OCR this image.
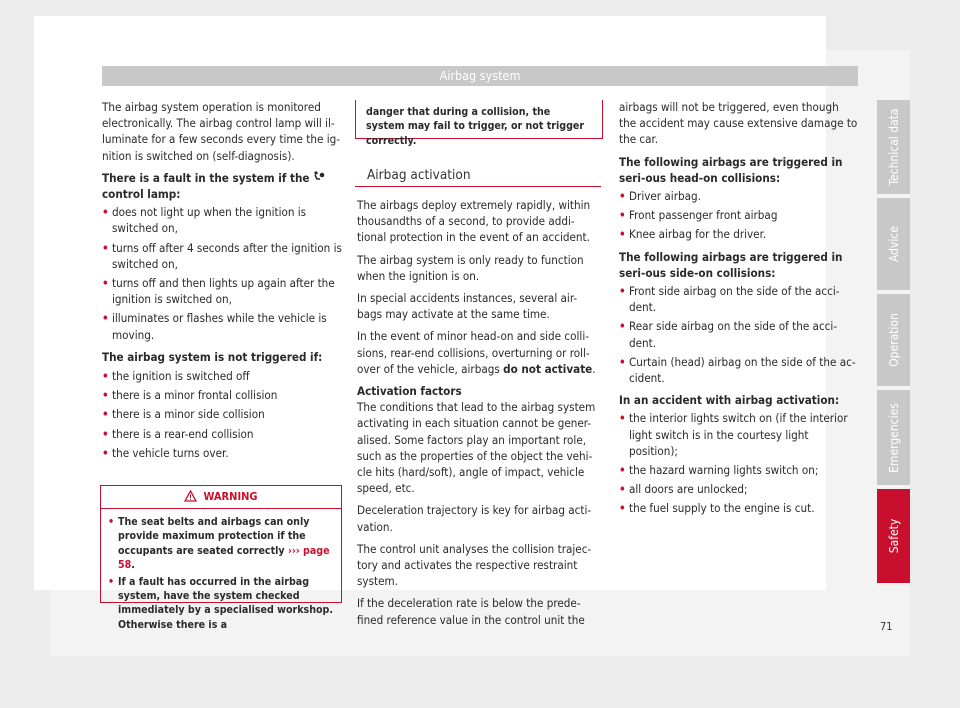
Airbag system

The airbag system operation is monitored electronically. The airbag control lamp will il-luminate for a few seconds every time the ig-nition is switched on (self-diagnosis).

There is a fault in the system if the  control lamp:

• does not light up when the ignition is switched on,
• turns off after 4 seconds after the ignition is switched on,
• turns off and then lights up again after the ignition is switched on,
• illuminates or flashes while the vehicle is moving.

The airbag system is not triggered if:

• the ignition is switched off
• there is a minor frontal collision
• there is a minor side collision
• there is a rear-end collision
• the vehicle turns over.
WARNING
• The seat belts and airbags can only provide maximum protection if the occupants are seated correctly ››› page 58.
• If a fault has occurred in the airbag system, have the system checked immediately by a specialised workshop. Otherwise there is a
danger that during a collision, the system may fail to trigger, or not trigger correctly.
Airbag activation

The airbags deploy extremely rapidly, within thousandths of a second, to provide addi-tional protection in the event of an accident.

The airbag system is only ready to function when the ignition is on.

In special accidents instances, several air-bags may activate at the same time.

In the event of minor head-on and side colli-sions, rear-end collisions, overturning or roll-over of the vehicle, airbags do not activate.

Activation factors

The conditions that lead to the airbag system activating in each situation cannot be gener-alised. Some factors play an important role, such as the properties of the object the vehi-cle hits (hard/soft), angle of impact, vehicle speed, etc.

Deceleration trajectory is key for airbag acti-vation.

The control unit analyses the collision trajec-tory and activates the respective restraint system.

If the deceleration rate is below the prede-fined reference value in the control unit the

airbags will not be triggered, even though the accident may cause extensive damage to the car.

The following airbags are triggered in seri-ous head-on collisions:

• Driver airbag.
• Front passenger front airbag
• Knee airbag for the driver.

The following airbags are triggered in seri-ous side-on collisions:

• Front side airbag on the side of the acci-dent.
• Rear side airbag on the side of the acci-dent.
• Curtain (head) airbag on the side of the ac-cident.

In an accident with airbag activation:

• the interior lights switch on (if the interior light switch is in the courtesy light position);
• the hazard warning lights switch on;
• all doors are unlocked;
• the fuel supply to the engine is cut.
Technical data
Advice
Operation
Emergencies
Safety
71
